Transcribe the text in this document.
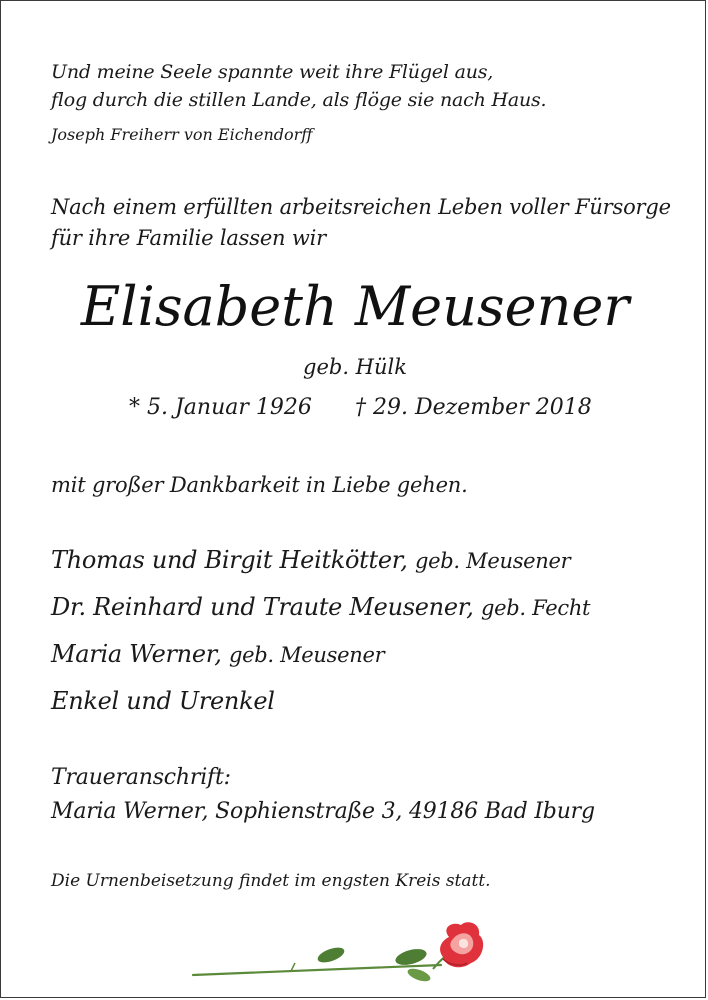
Und meine Seele spannte weit ihre Flügel aus,
flog durch die stillen Lande, als flöge sie nach Haus.
Joseph Freiherr von Eichendorff
Nach einem erfüllten arbeitsreichen Leben voller Fürsorge
für ihre Familie lassen wir
Elisabeth Meusener
geb. Hülk
* 5. Januar 1926 † 29. Dezember 2018
mit großer Dankbarkeit in Liebe gehen.
Thomas und Birgit Heitkötter, geb. Meusener
Dr. Reinhard und Traute Meusener, geb. Fecht
Maria Werner, geb. Meusener
Enkel und Urenkel
Traueranschrift:
Maria Werner, Sophienstraße 3, 49186 Bad Iburg
Die Urnenbeisetzung findet im engsten Kreis statt.
